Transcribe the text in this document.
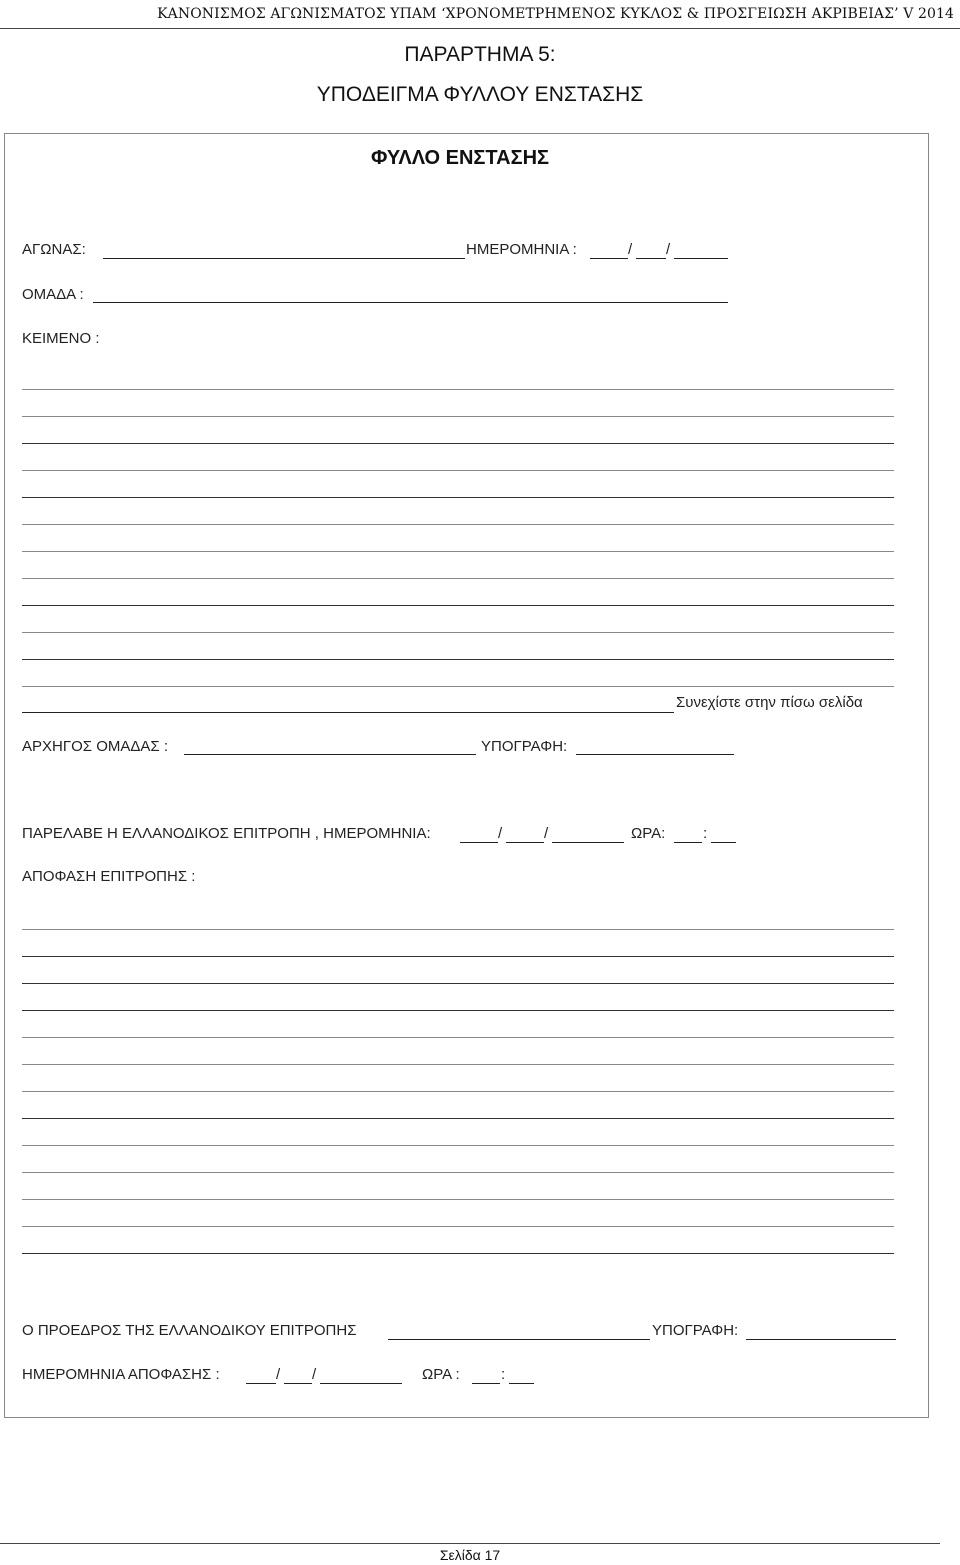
ΚΑΝΟΝΙΣΜΟΣ ΑΓΩΝΙΣΜΑΤΟΣ ΥΠΑΜ ‘ΧΡΟΝΟΜΕΤΡΗΜΕΝΟΣ ΚΥΚΛΟΣ & ΠΡΟΣΓΕΙΩΣΗ ΑΚΡΙΒΕΙΑΣ’ V 2014
ΠΑΡΑΡΤΗΜΑ 5:
ΥΠΟΔΕΙΓΜΑ ΦΥΛΛΟΥ ΕΝΣΤΑΣΗΣ
ΦΥΛΛΟ ΕΝΣΤΑΣΗΣ
ΑΓΩΝΑΣ:	ΗΜΕΡΟΜΗΝΙΑ :	/ /
ΟΜΑΔΑ :
ΚΕΙΜΕΝΟ :
Συνεχίστε στην πίσω σελίδα
ΑΡΧΗΓΟΣ ΟΜΑΔΑΣ :	ΥΠΟΓΡΑΦΗ:
ΠΑΡΕΛΑΒΕ Η ΕΛΛΑΝΟΔΙΚΟΣ ΕΠΙΤΡΟΠΗ , ΗΜΕΡΟΜΗΝΙΑ:	/	/	ΩΡΑ:	:
ΑΠΟΦΑΣΗ ΕΠΙΤΡΟΠΗΣ :
Ο ΠΡΟΕΔΡΟΣ ΤΗΣ ΕΛΛΑΝΟΔΙΚΟΥ ΕΠΙΤΡΟΠΗΣ	ΥΠΟΓΡΑΦΗ:
ΗΜΕΡΟΜΗΝΙΑ ΑΠΟΦΑΣΗΣ :	/ /	ΩΡΑ :	:
Σελίδα 17
